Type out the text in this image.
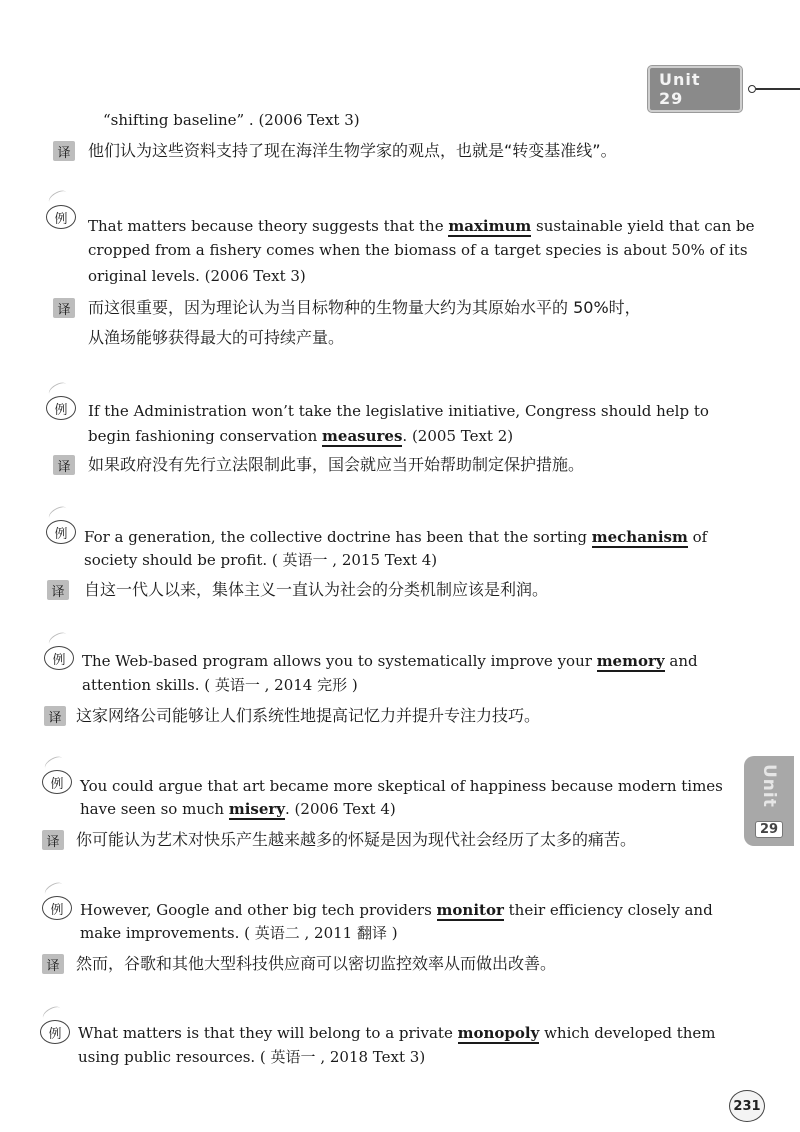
Unit 29
Unit
29
“shifting baseline” . (2006 Text 3)
译 他们认为这些资料支持了现在海洋生物学家的观点，也就是“转变基准线”。
例	That matters because theory suggests that the maximum sustainable yield that can be
cropped from a fishery comes when the biomass of a target species is about 50% of its
original levels. (2006 Text 3)
译 而这很重要，因为理论认为当目标物种的生物量大约为其原始水平的 50%时，
从渔场能够获得最大的可持续产量。
例	If the Administration won’t take the legislative initiative, Congress should help to
begin fashioning conservation measures. (2005 Text 2)
译 如果政府没有先行立法限制此事，国会就应当开始帮助制定保护措施。
例	For a generation, the collective doctrine has been that the sorting mechanism of
society should be profit. ( 英语一 , 2015 Text 4)
译 自这一代人以来，集体主义一直认为社会的分类机制应该是利润。
例	The Web-based program allows you to systematically improve your memory and
attention skills. ( 英语一 , 2014 完形 )
译 这家网络公司能够让人们系统性地提高记忆力并提升专注力技巧。
例	You could argue that art became more skeptical of happiness because modern times
have seen so much misery. (2006 Text 4)
译 你可能认为艺术对快乐产生越来越多的怀疑是因为现代社会经历了太多的痛苦。
例	However, Google and other big tech providers monitor their efficiency closely and
make improvements. ( 英语二 , 2011 翻译 )
译 然而，谷歌和其他大型科技供应商可以密切监控效率从而做出改善。
例	What matters is that they will belong to a private monopoly which developed them
using public resources. ( 英语一 , 2018 Text 3)
231
